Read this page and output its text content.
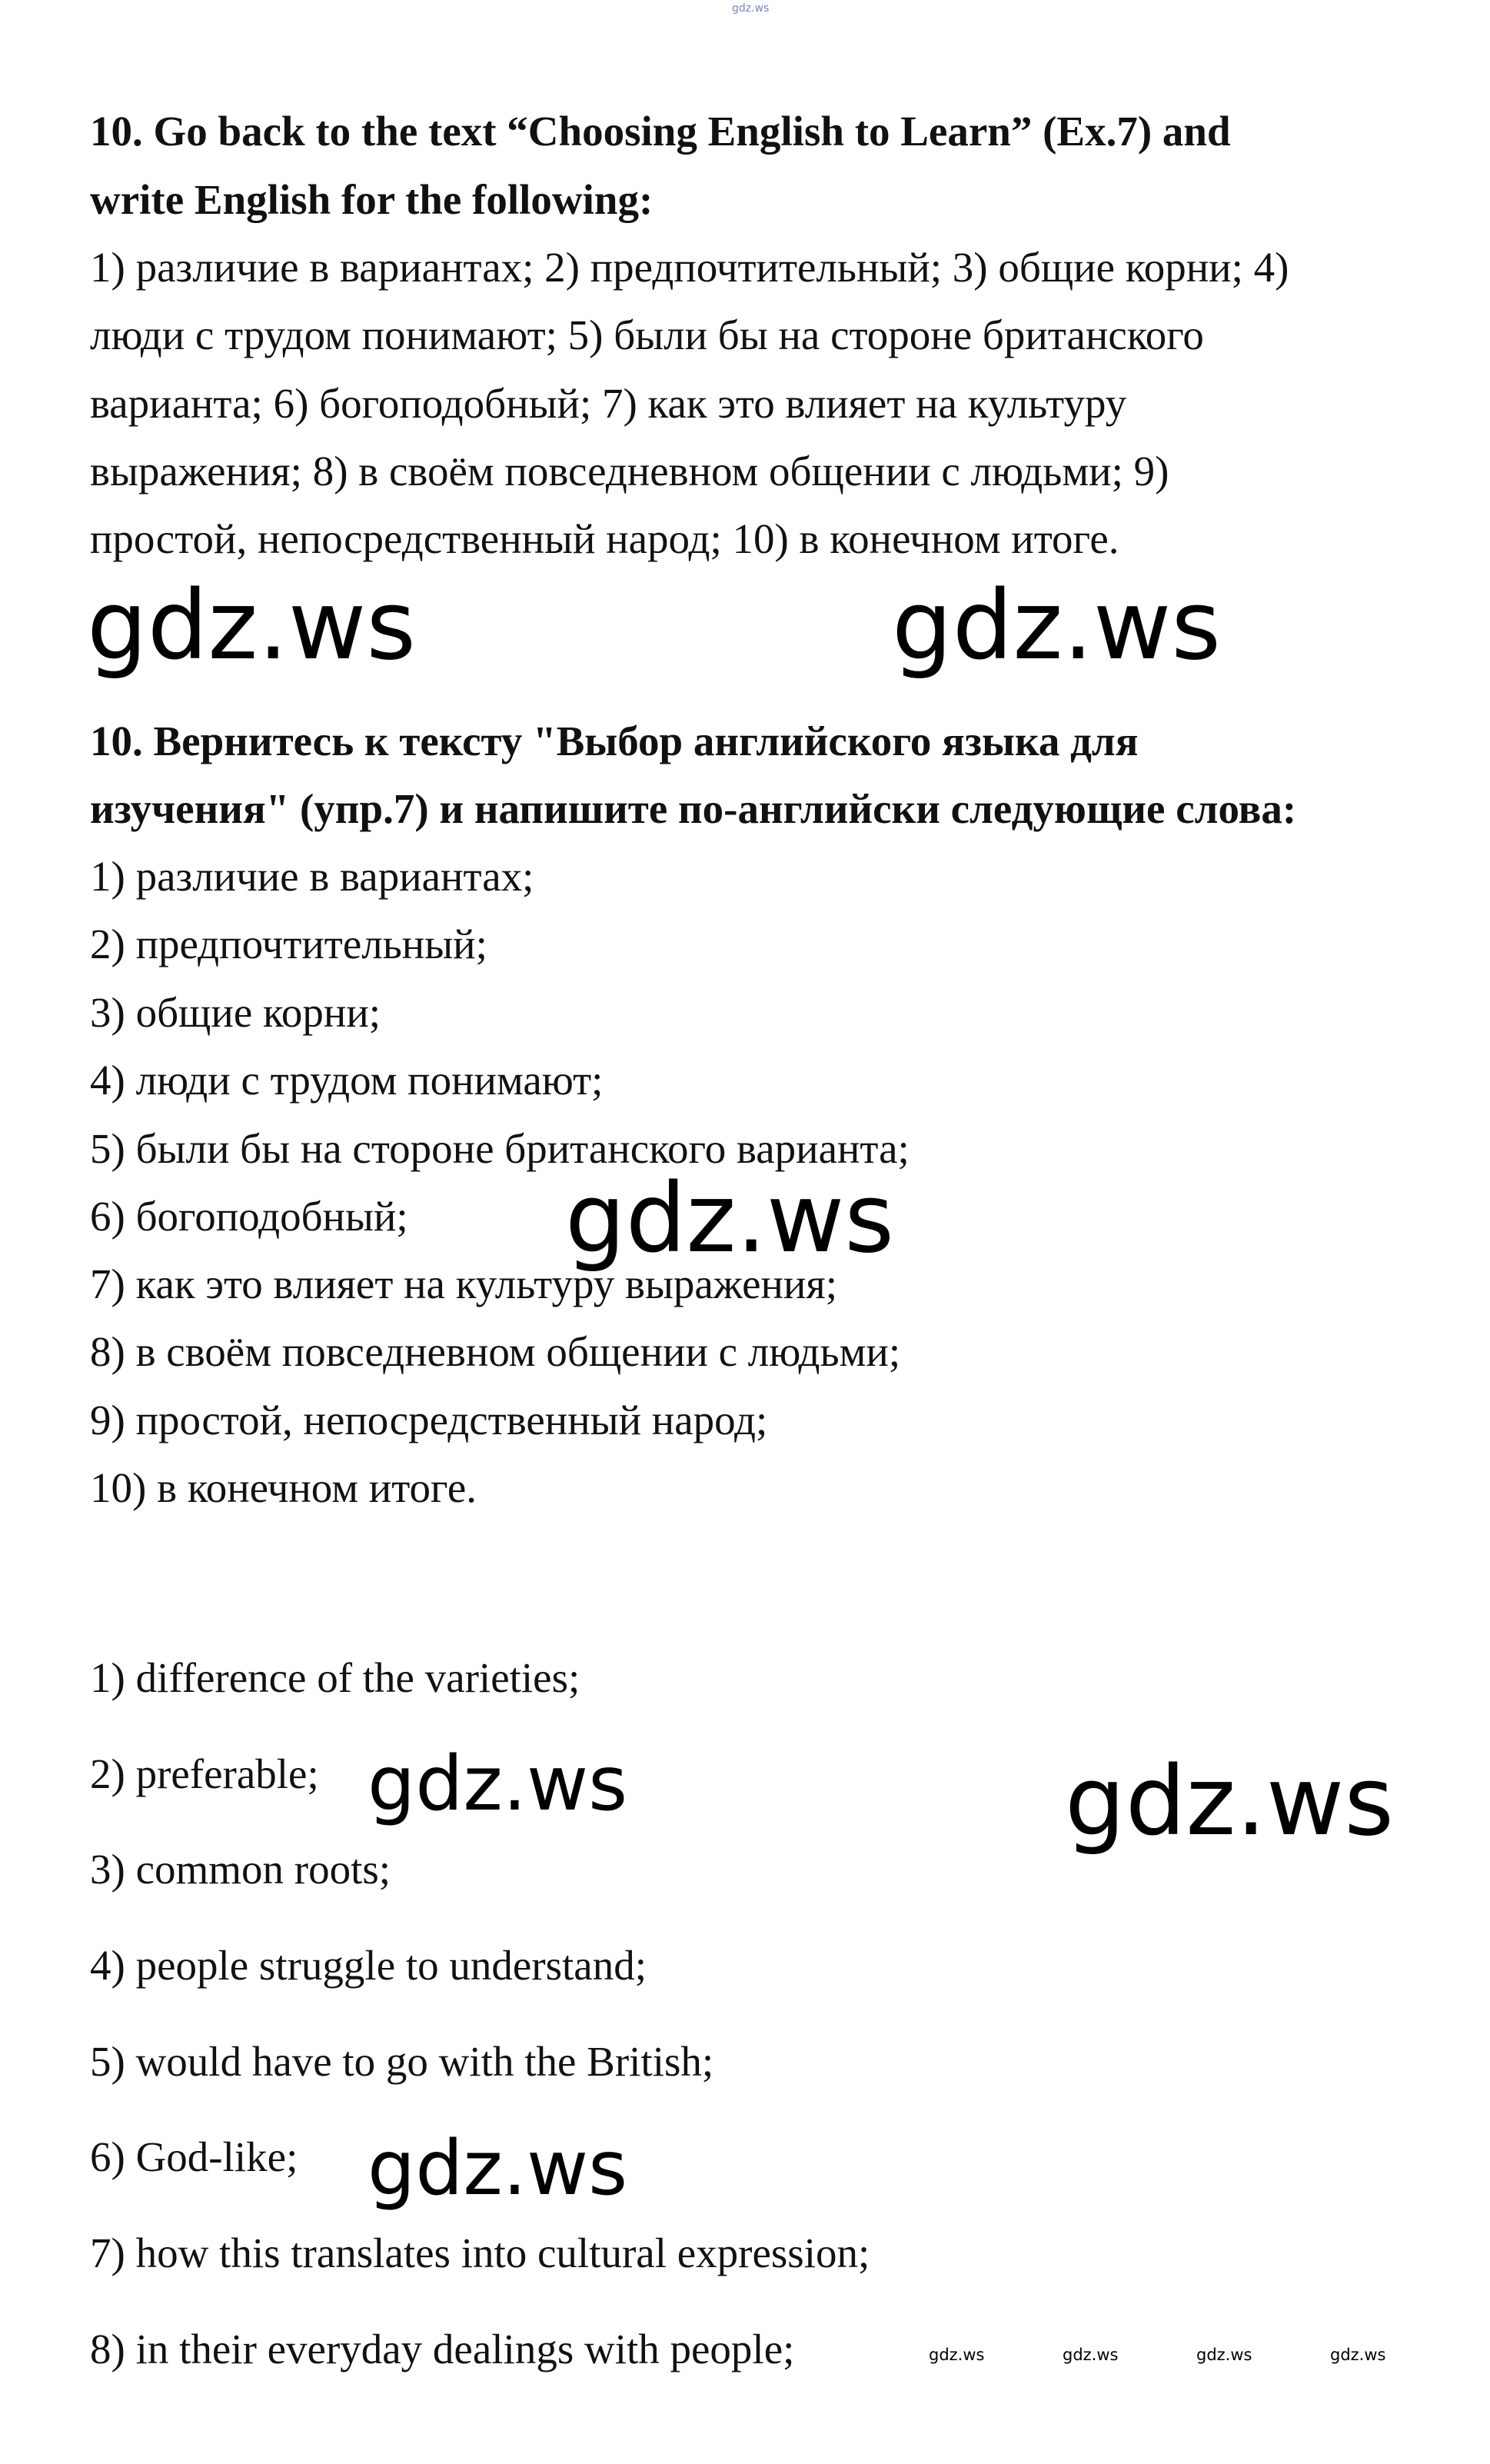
gdz.ws
10. Go back to the text “Choosing English to Learn” (Ex.7) and
write English for the following:
1) различие в вариантах; 2) предпочтительный; 3) общие корни; 4)
люди с трудом понимают; 5) были бы на стороне британского
варианта; 6) богоподобный; 7) как это влияет на культуру
выражения; 8) в своём повседневном общении с людьми; 9)
простой, непосредственный народ; 10) в конечном итоге.
gdz.ws	gdz.ws
10. Вернитесь к тексту "Выбор английского языка для
изучения" (упр.7) и напишите по-английски следующие слова:
1) различие в вариантах;
2) предпочтительный;
3) общие корни;
4) люди с трудом понимают;
5) были бы на стороне британского варианта;
6) богоподобный;
7) как это влияет на культуру выражения;
8) в своём повседневном общении с людьми;
9) простой, непосредственный народ;
10) в конечном итоге.
gdz.ws
1) difference of the varieties;
2) preferable;
3) common roots;
4) people struggle to understand;
5) would have to go with the British;
6) God-like;
7) how this translates into cultural expression;
8) in their everyday dealings with people;
gdz.ws	gdz.ws
gdz.ws
gdz.ws	gdz.ws	gdz.ws	gdz.ws
